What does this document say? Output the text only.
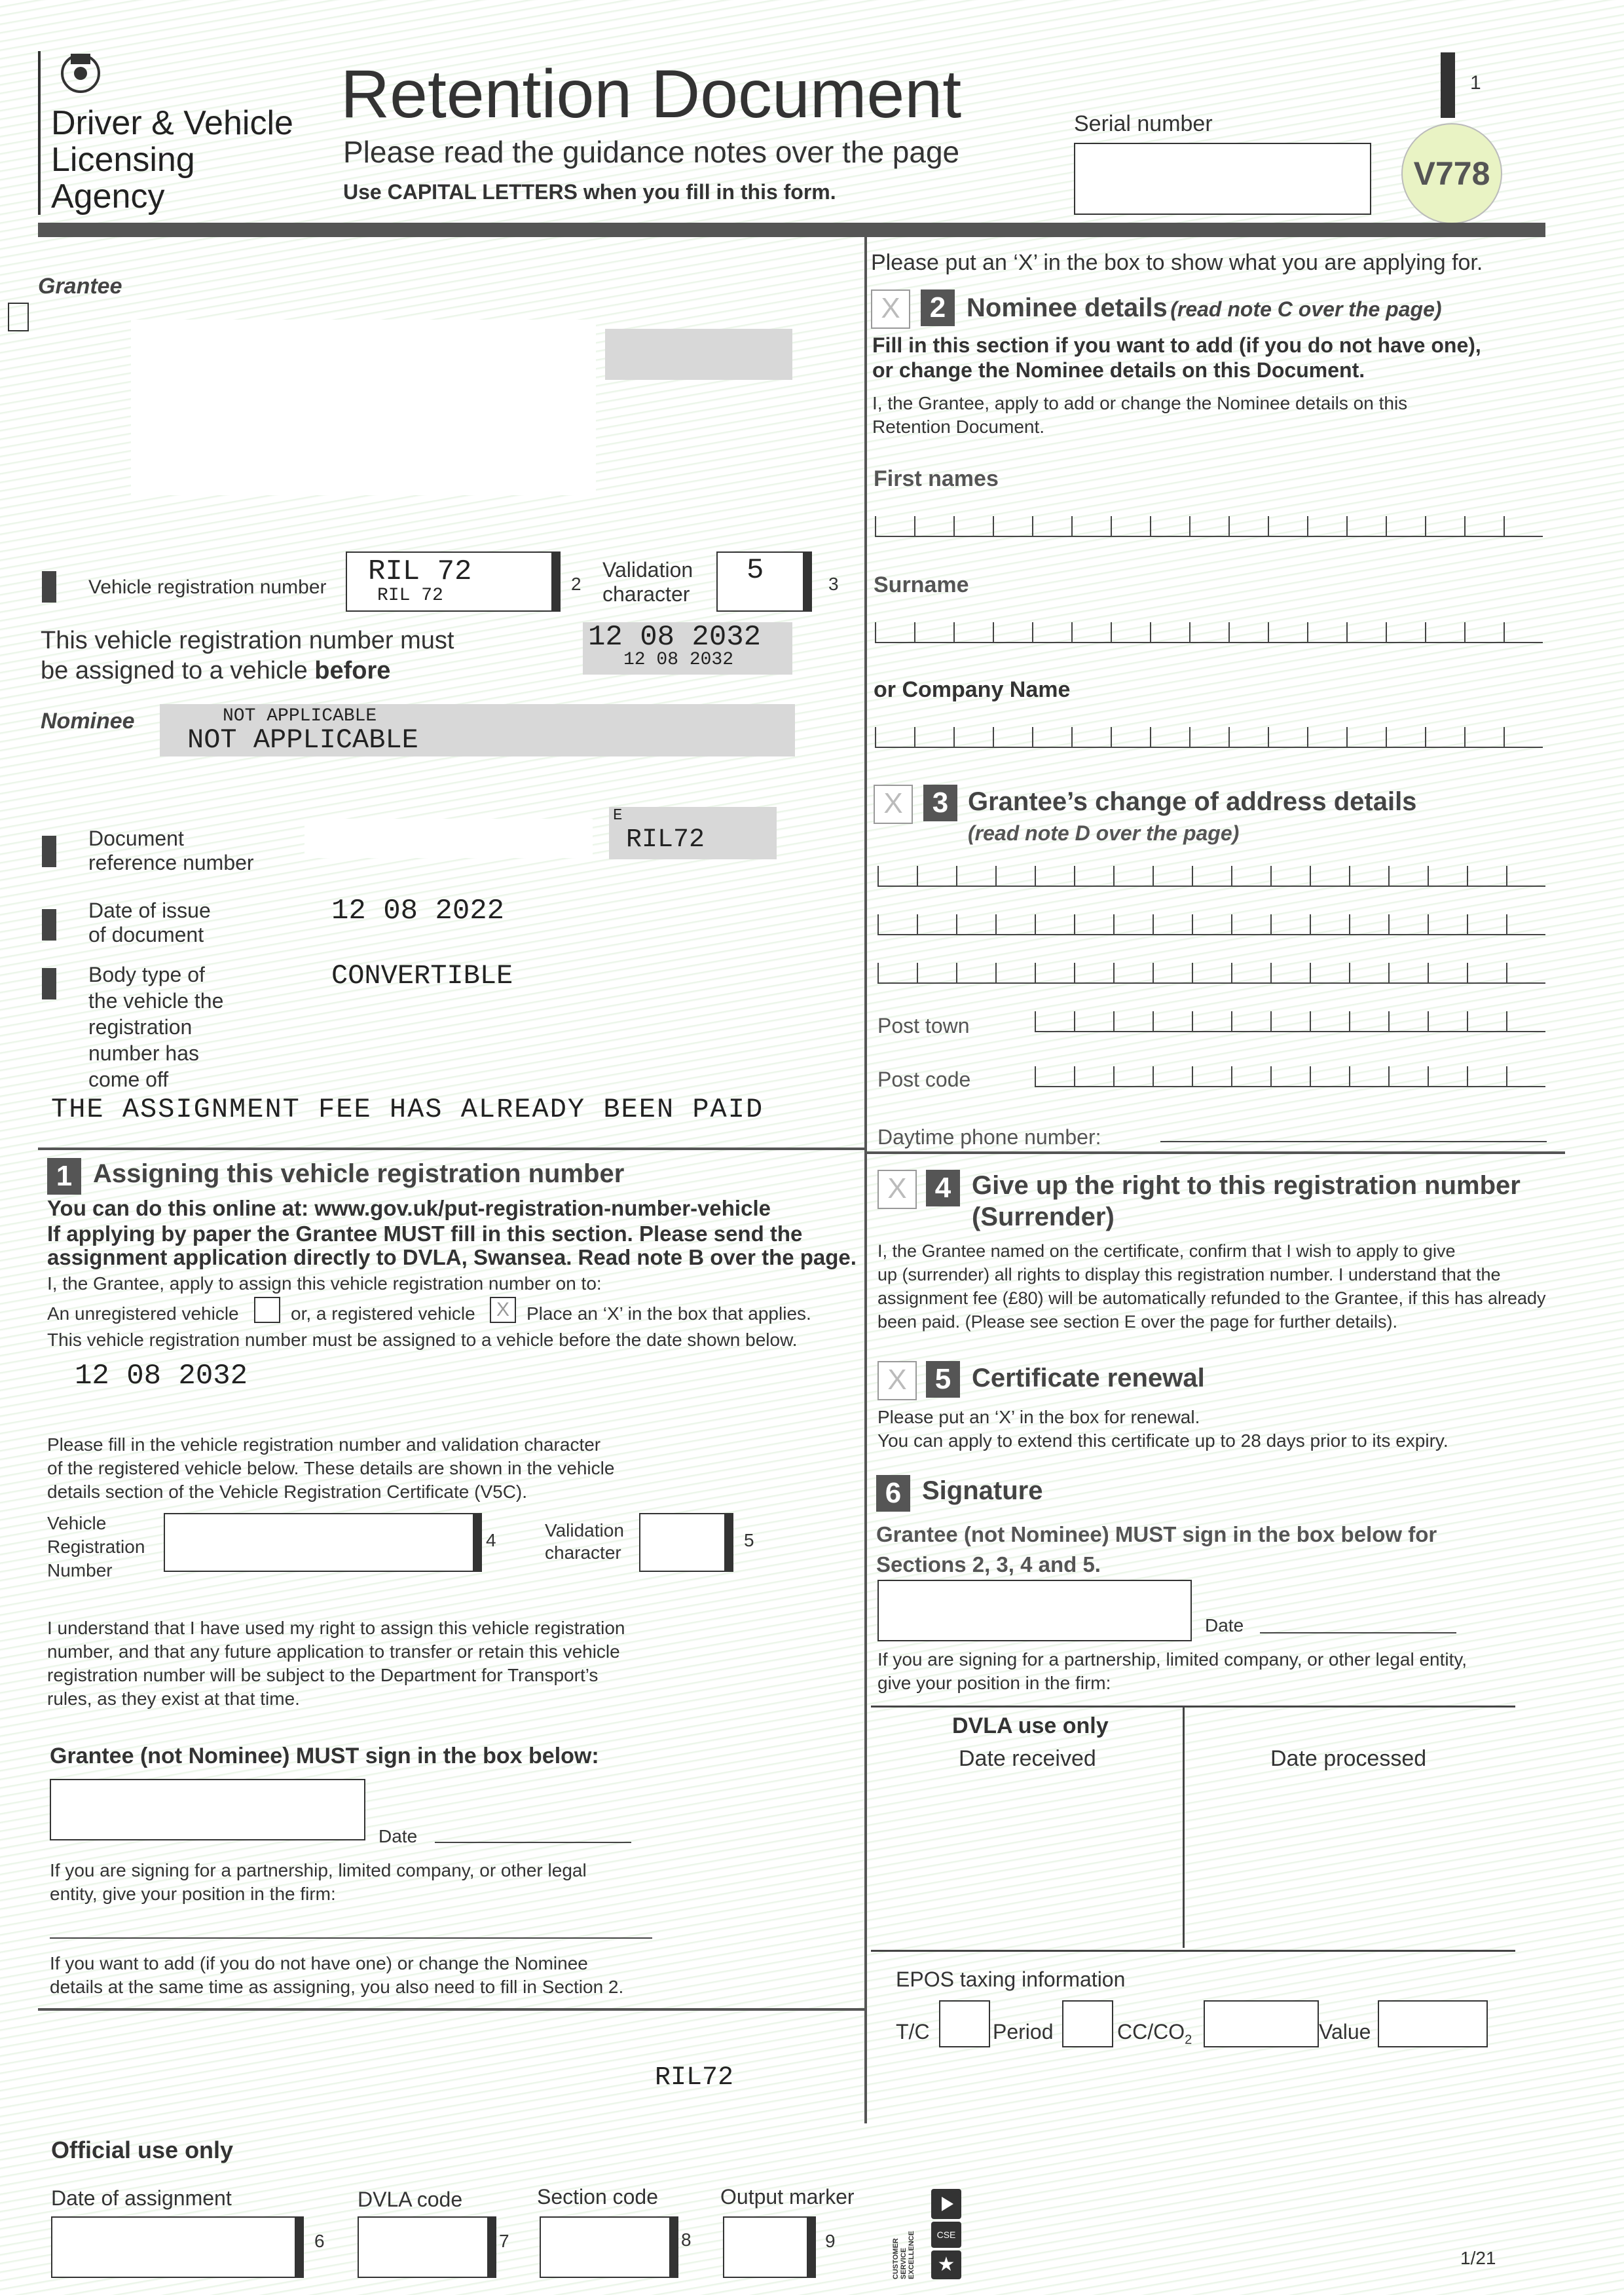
Driver & Vehicle
Licensing
Agency
Retention Document
Please read the guidance notes over the page
Use CAPITAL LETTERS when you fill in this form.
Serial number
1
V778
Grantee
Vehicle registration number RIL 72
RIL 72
2
Validation
character
5	3
This vehicle registration number must
be assigned to a vehicle before
12 08 2032
12 08 2032
Nominee	NOT APPLICABLE
NOT APPLICABLE
Document
reference number
E
RIL72
Date of issue
of document
12 08 2022
Body type of
the vehicle the
registration
number has
come off
CONVERTIBLE
THE ASSIGNMENT FEE HAS ALREADY BEEN PAID
1 Assigning this vehicle registration number
You can do this online at: www.gov.uk/put-registration-number-vehicle
If applying by paper the Grantee MUST fill in this section. Please send the
assignment application directly to DVLA, Swansea. Read note B over the page.
I, the Grantee, apply to assign this vehicle registration number on to:
An unregistered vehicle	or, a registered vehicle	X Place an ‘X’ in the box that applies.
This vehicle registration number must be assigned to a vehicle before the date shown below.
12 08 2032
Please fill in the vehicle registration number and validation character
of the registered vehicle below. These details are shown in the vehicle
details section of the Vehicle Registration Certificate (V5C).
Vehicle
Registration
Number
4	Validation
character
5
I understand that I have used my right to assign this vehicle registration
number, and that any future application to transfer or retain this vehicle
registration number will be subject to the Department for Transport’s
rules, as they exist at that time.
Grantee (not Nominee) MUST sign in the box below:
Date
If you are signing for a partnership, limited company, or other legal
entity, give your position in the firm:
If you want to add (if you do not have one) or change the Nominee
details at the same time as assigning, you also need to fill in Section 2.
RIL72
Official use only
Date of assignment
6
DVLA code
7
Section code
8
Output marker
9	CUSTOMER SERVICE EXCELLENCE	CSE
★	1/21
Please put an ‘X’ in the box to show what you are applying for.
X	2 Nominee details (read note C over the page)
Fill in this section if you want to add (if you do not have one),
or change the Nominee details on this Document.
I, the Grantee, apply to add or change the Nominee details on this
Retention Document.
First names
Surname
or Company Name
X	3 Grantee’s change of address details
(read note D over the page)
Post town
Post code
Daytime phone number:
X 4 Give up the right to this registration number
(Surrender)
I, the Grantee named on the certificate, confirm that I wish to apply to give
up (surrender) all rights to display this registration number. I understand that the
assignment fee (£80) will be automatically refunded to the Grantee, if this has already
been paid. (Please see section E over the page for further details).
X 5 Certificate renewal
Please put an ‘X’ in the box for renewal.
You can apply to extend this certificate up to 28 days prior to its expiry.
6 Signature
Grantee (not Nominee) MUST sign in the box below for
Sections 2, 3, 4 and 5.
Date
If you are signing for a partnership, limited company, or other legal entity,
give your position in the firm:
DVLA use only
Date received	Date processed
EPOS taxing information
T/C	Period	$CC/CO_2$	Value
